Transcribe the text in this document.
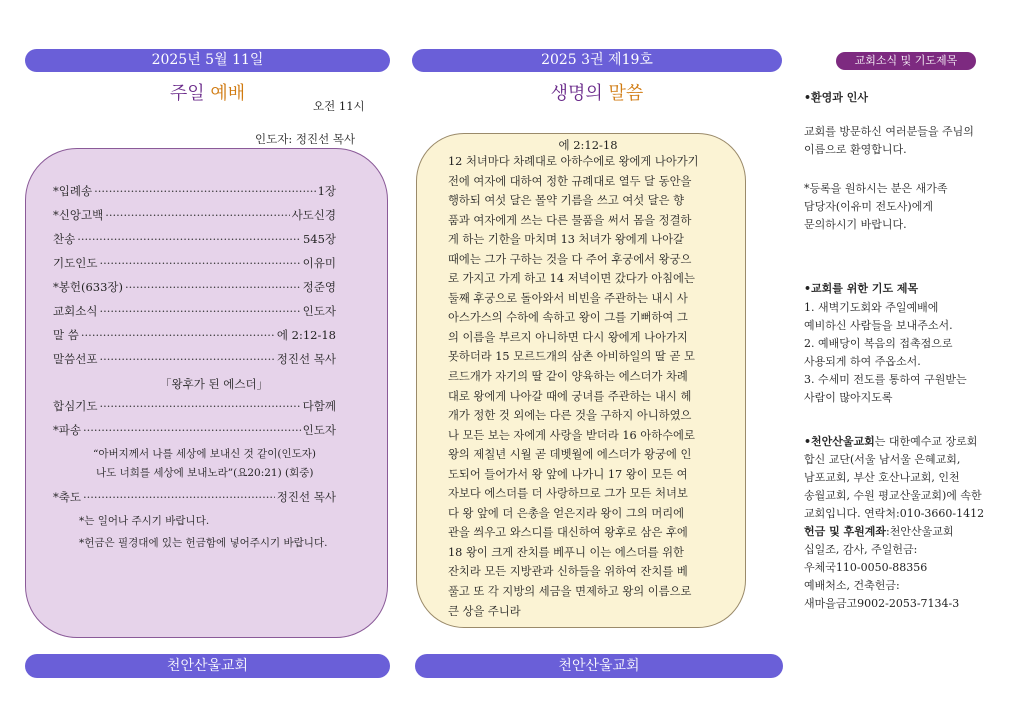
2025년 5월 11일
주일 예배
오전 11시
인도자: 정진선 목사
*입례송 ·····	1장
*신앙고백 ·····	사도신경
찬송 ·····	545장
기도인도 ·····	이유미
*봉헌(633장) ·····	정준영
교회소식 ·····	인도자
말 씀 ·····	에 2:12-18
말씀선포 ·····	정진선 목사
합심기도 ·····	다함께
*파송 ·····	인도자
「왕후가 된 에스더」
“아버지께서 나를 세상에 보내신 것 같이(인도자)
나도 너희를 세상에 보내노라”(요20:21) (회중)
*축도 ·····	정진선 목사
*는 일어나 주시기 바랍니다.
*헌금은 필경대에 있는 헌금함에 넣어주시기 바랍니다.
천안산울교회
2025 3권 제19호
생명의 말씀
에 2:12-18
12 처녀마다 차례대로 아하수에로 왕에게 나아가기
전에 여자에 대하여 정한 규례대로 열두 달 동안을
행하되 여섯 달은 몰약 기름을 쓰고 여섯 달은 향
품과 여자에게 쓰는 다른 물품을 써서 몸을 정결하
게 하는 기한을 마치며 13 처녀가 왕에게 나아갈
때에는 그가 구하는 것을 다 주어 후궁에서 왕궁으
로 가지고 가게 하고 14 저녁이면 갔다가 아침에는
둘째 후궁으로 돌아와서 비빈을 주관하는 내시 사
아스가스의 수하에 속하고 왕이 그를 기뻐하여 그
의 이름을 부르지 아니하면 다시 왕에게 나아가지
못하더라 15 모르드개의 삼촌 아비하일의 딸 곧 모
르드개가 자기의 딸 같이 양육하는 에스더가 차례
대로 왕에게 나아갈 때에 궁녀를 주관하는 내시 헤
개가 정한 것 외에는 다른 것을 구하지 아니하였으
나 모든 보는 자에게 사랑을 받더라 16 아하수에로
왕의 제칠년 시월 곧 데벳월에 에스더가 왕궁에 인
도되어 들어가서 왕 앞에 나가니 17 왕이 모든 여
자보다 에스더를 더 사랑하므로 그가 모든 처녀보
다 왕 앞에 더 은총을 얻은지라 왕이 그의 머리에
관을 씌우고 와스디를 대신하여 왕후로 삼은 후에
18 왕이 크게 잔치를 베푸니 이는 에스더를 위한
잔치라 모든 지방관과 신하들을 위하여 잔치를 베
풀고 또 각 지방의 세금을 면제하고 왕의 이름으로
큰 상을 주니라
천안산울교회
교회소식 및 기도제목
•환영과 인사
교회를 방문하신 여러분들을 주님의
이름으로 환영합니다.
*등록을 원하시는 분은 새가족
담당자(이유미 전도사)에게
문의하시기 바랍니다.
•교회를 위한 기도 제목
1. 새벽기도회와 주일예배에
예비하신 사람들을 보내주소서.
2. 예배당이 복음의 접촉점으로
사용되게 하여 주옵소서.
3. 수세미 전도를 통하여 구원받는
사람이 많아지도록
•천안산울교회는 대한예수교 장로회
합신 교단(서울 남서울 은혜교회,
남포교회, 부산 호산나교회, 인천
송월교회, 수원 평교산울교회)에 속한
교회입니다. 연락처:010-3660-1412
헌금 및 후원계좌:천안산울교회
십일조, 감사, 주일헌금:
우체국110-0050-88356
예배처소, 건축헌금:
새마을금고9002-2053-7134-3
